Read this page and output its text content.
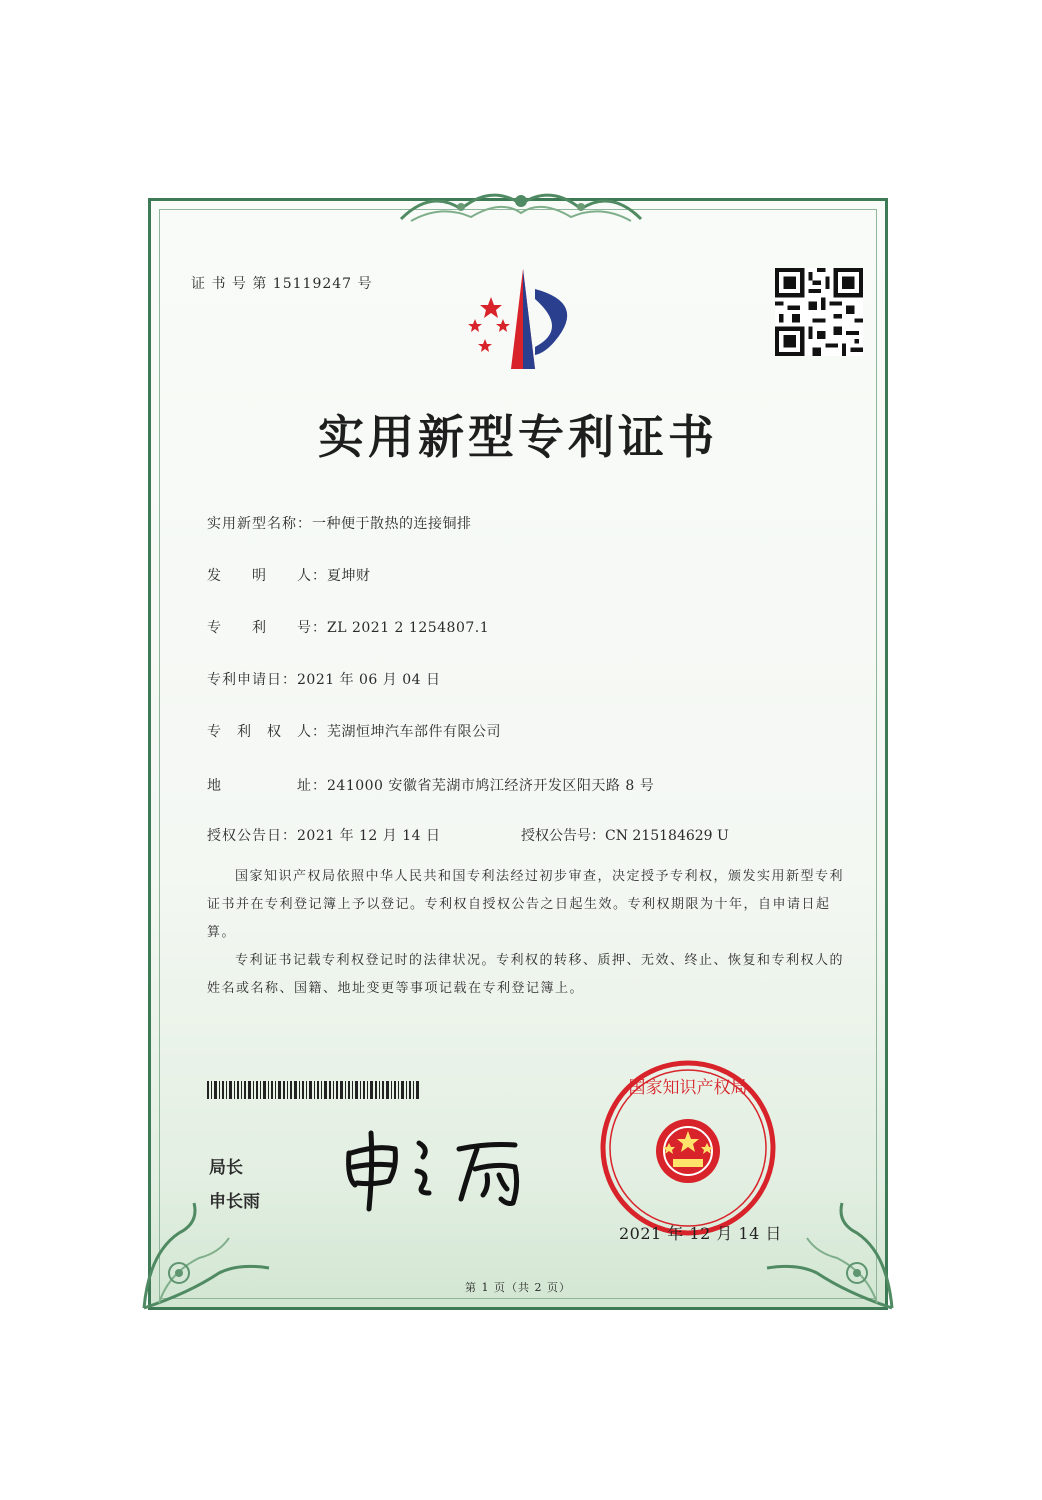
证 书 号 第 15119247 号
实用新型专利证书
实用新型名称：一种便于散热的连接铜排
发　　明　　人：夏坤财
专　　利　　号：ZL 2021 2 1254807.1
专利申请日：2021 年 06 月 04 日
专　利　权　人：芜湖恒坤汽车部件有限公司
地　　　　　址：241000 安徽省芜湖市鸠江经济开发区阳天路 8 号
授权公告日：2021 年 12 月 14 日	授权公告号：CN 215184629 U

国家知识产权局依照中华人民共和国专利法经过初步审查，决定授予专利权，颁发实用新型专利证书并在专利登记簿上予以登记。专利权自授权公告之日起生效。专利权期限为十年，自申请日起算。

专利证书记载专利权登记时的法律状况。专利权的转移、质押、无效、终止、恢复和专利权人的姓名或名称、国籍、地址变更等事项记载在专利登记簿上。

局长
申长雨
国家知识产权局
2021 年 12 月 14 日
第 1 页（共 2 页）
